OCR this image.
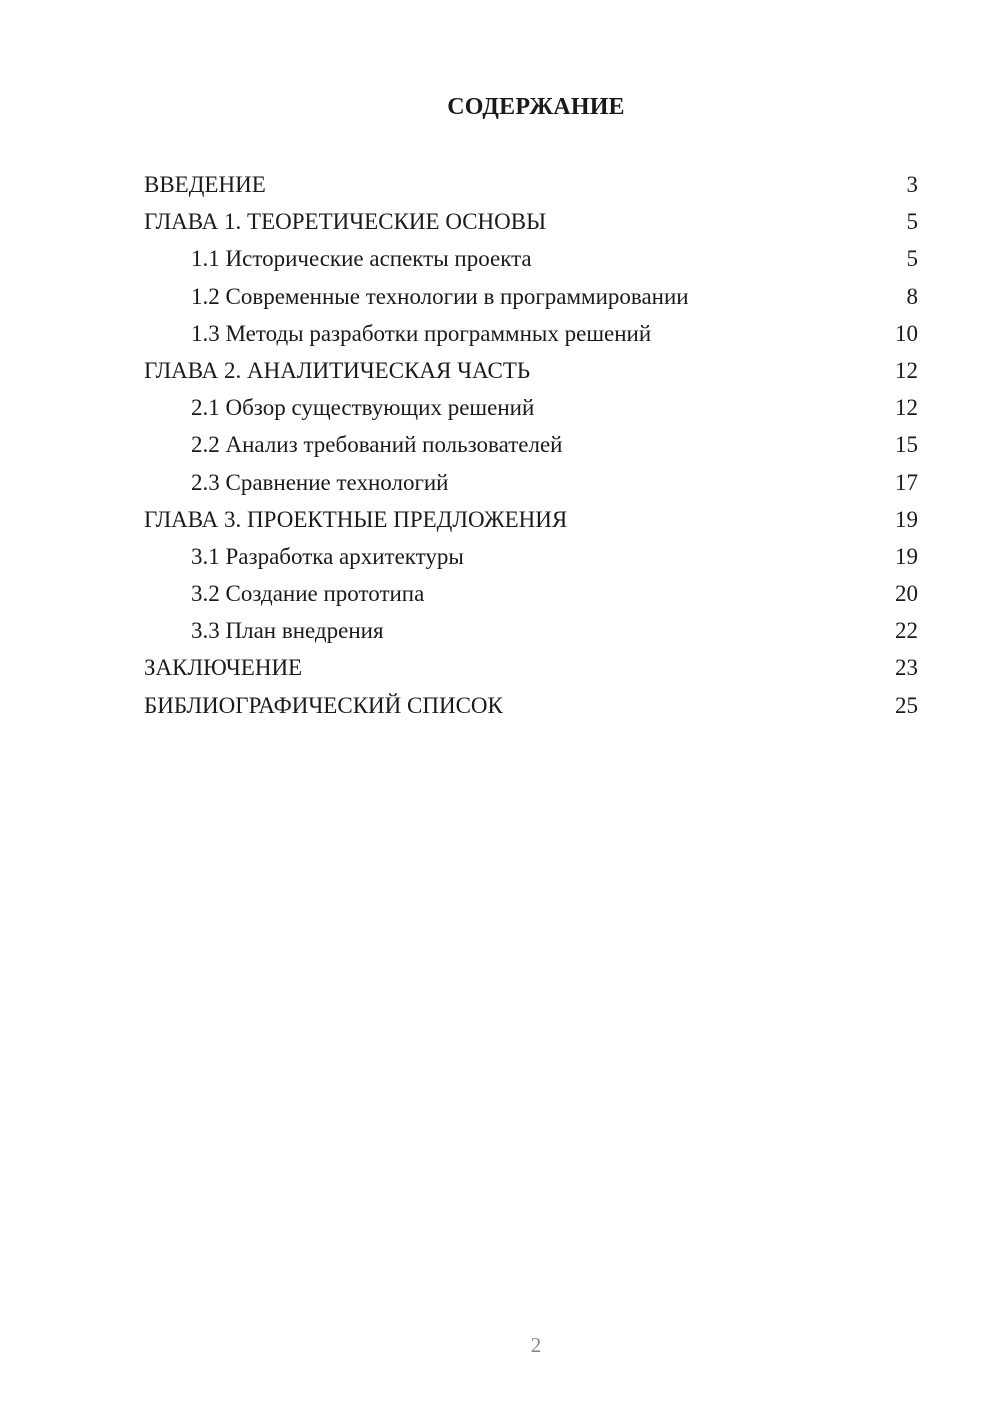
СОДЕРЖАНИЕ
ВВЕДЕНИЕ	3
ГЛАВА 1. ТЕОРЕТИЧЕСКИЕ ОСНОВЫ	5
1.1 Исторические аспекты проекта	5
1.2 Современные технологии в программировании	8
1.3 Методы разработки программных решений	10
ГЛАВА 2. АНАЛИТИЧЕСКАЯ ЧАСТЬ	12
2.1 Обзор существующих решений	12
2.2 Анализ требований пользователей	15
2.3 Сравнение технологий	17
ГЛАВА 3. ПРОЕКТНЫЕ ПРЕДЛОЖЕНИЯ	19
3.1 Разработка архитектуры	19
3.2 Создание прототипа	20
3.3 План внедрения	22
ЗАКЛЮЧЕНИЕ	23
БИБЛИОГРАФИЧЕСКИЙ СПИСОК	25
2
